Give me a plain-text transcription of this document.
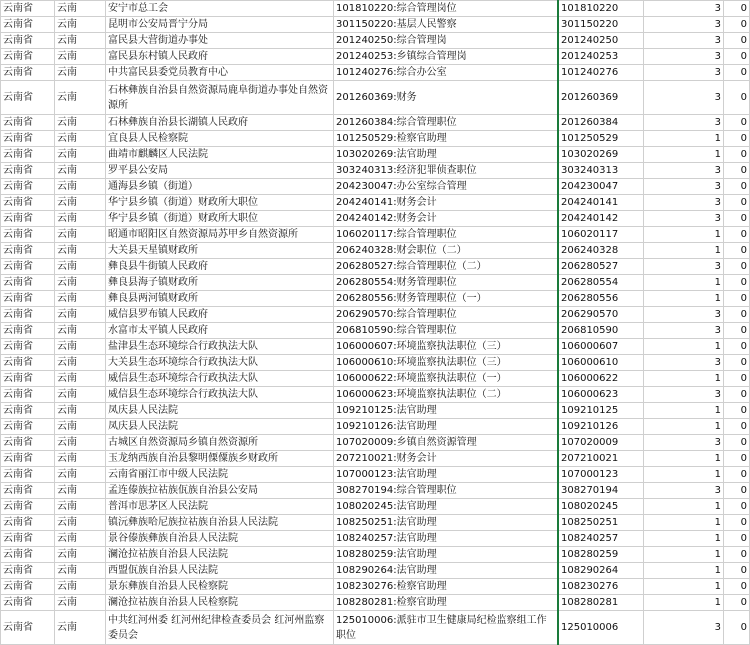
云南省	云南	安宁市总工会	101810220:综合管理岗位	101810220	3	0
云南省	云南	昆明市公安局晋宁分局	301150220:基层人民警察	301150220	3	0
云南省	云南	富民县大营街道办事处	201240250:综合管理岗	201240250	3	0
云南省	云南	富民县东村镇人民政府	201240253:乡镇综合管理岗	201240253	3	0
云南省	云南	中共富民县委党员教育中心	101240276:综合办公室	101240276	3	0
云南省	云南	石林彝族自治县自然资源局鹿阜街道办事处自然资源所	201260369:财务	201260369	3	0
云南省	云南	石林彝族自治县长湖镇人民政府	201260384:综合管理职位	201260384	3	0
云南省	云南	宜良县人民检察院	101250529:检察官助理	101250529	1	0
云南省	云南	曲靖市麒麟区人民法院	103020269:法官助理	103020269	1	0
云南省	云南	罗平县公安局	303240313:经济犯罪侦查职位	303240313	3	0
云南省	云南	通海县乡镇（街道）	204230047:办公室综合管理	204230047	3	0
云南省	云南	华宁县乡镇（街道）财政所大职位	204240141:财务会计	204240141	3	0
云南省	云南	华宁县乡镇（街道）财政所大职位	204240142:财务会计	204240142	3	0
云南省	云南	昭通市昭阳区自然资源局苏甲乡自然资源所	106020117:综合管理职位	106020117	1	0
云南省	云南	大关县天星镇财政所	206240328:财会职位（二）	206240328	1	0
云南省	云南	彝良县牛街镇人民政府	206280527:综合管理职位（二）	206280527	3	0
云南省	云南	彝良县海子镇财政所	206280554:财务管理职位	206280554	1	0
云南省	云南	彝良县两河镇财政所	206280556:财务管理职位（一）	206280556	1	0
云南省	云南	威信县罗布镇人民政府	206290570:综合管理职位	206290570	3	0
云南省	云南	水富市太平镇人民政府	206810590:综合管理职位	206810590	3	0
云南省	云南	盐津县生态环境综合行政执法大队	106000607:环境监察执法职位（三）	106000607	1	0
云南省	云南	大关县生态环境综合行政执法大队	106000610:环境监察执法职位（三）	106000610	3	0
云南省	云南	威信县生态环境综合行政执法大队	106000622:环境监察执法职位（一）	106000622	1	0
云南省	云南	威信县生态环境综合行政执法大队	106000623:环境监察执法职位（二）	106000623	3	0
云南省	云南	凤庆县人民法院	109210125:法官助理	109210125	1	0
云南省	云南	凤庆县人民法院	109210126:法官助理	109210126	1	0
云南省	云南	古城区自然资源局乡镇自然资源所	107020009:乡镇自然资源管理	107020009	3	0
云南省	云南	玉龙纳西族自治县黎明傈僳族乡财政所	207210021:财务会计	207210021	1	0
云南省	云南	云南省丽江市中级人民法院	107000123:法官助理	107000123	1	0
云南省	云南	孟连傣族拉祜族佤族自治县公安局	308270194:综合管理职位	308270194	3	0
云南省	云南	普洱市思茅区人民法院	108020245:法官助理	108020245	1	0
云南省	云南	镇沅彝族哈尼族拉祜族自治县人民法院	108250251:法官助理	108250251	1	0
云南省	云南	景谷傣族彝族自治县人民法院	108240257:法官助理	108240257	1	0
云南省	云南	澜沧拉祜族自治县人民法院	108280259:法官助理	108280259	1	0
云南省	云南	西盟佤族自治县人民法院	108290264:法官助理	108290264	1	0
云南省	云南	景东彝族自治县人民检察院	108230276:检察官助理	108230276	1	0
云南省	云南	澜沧拉祜族自治县人民检察院	108280281:检察官助理	108280281	1	0
云南省	云南	中共红河州委 红河州纪律检查委员会 红河州监察委员会	125010006:派驻市卫生健康局纪检监察组工作职位	125010006	3	0
